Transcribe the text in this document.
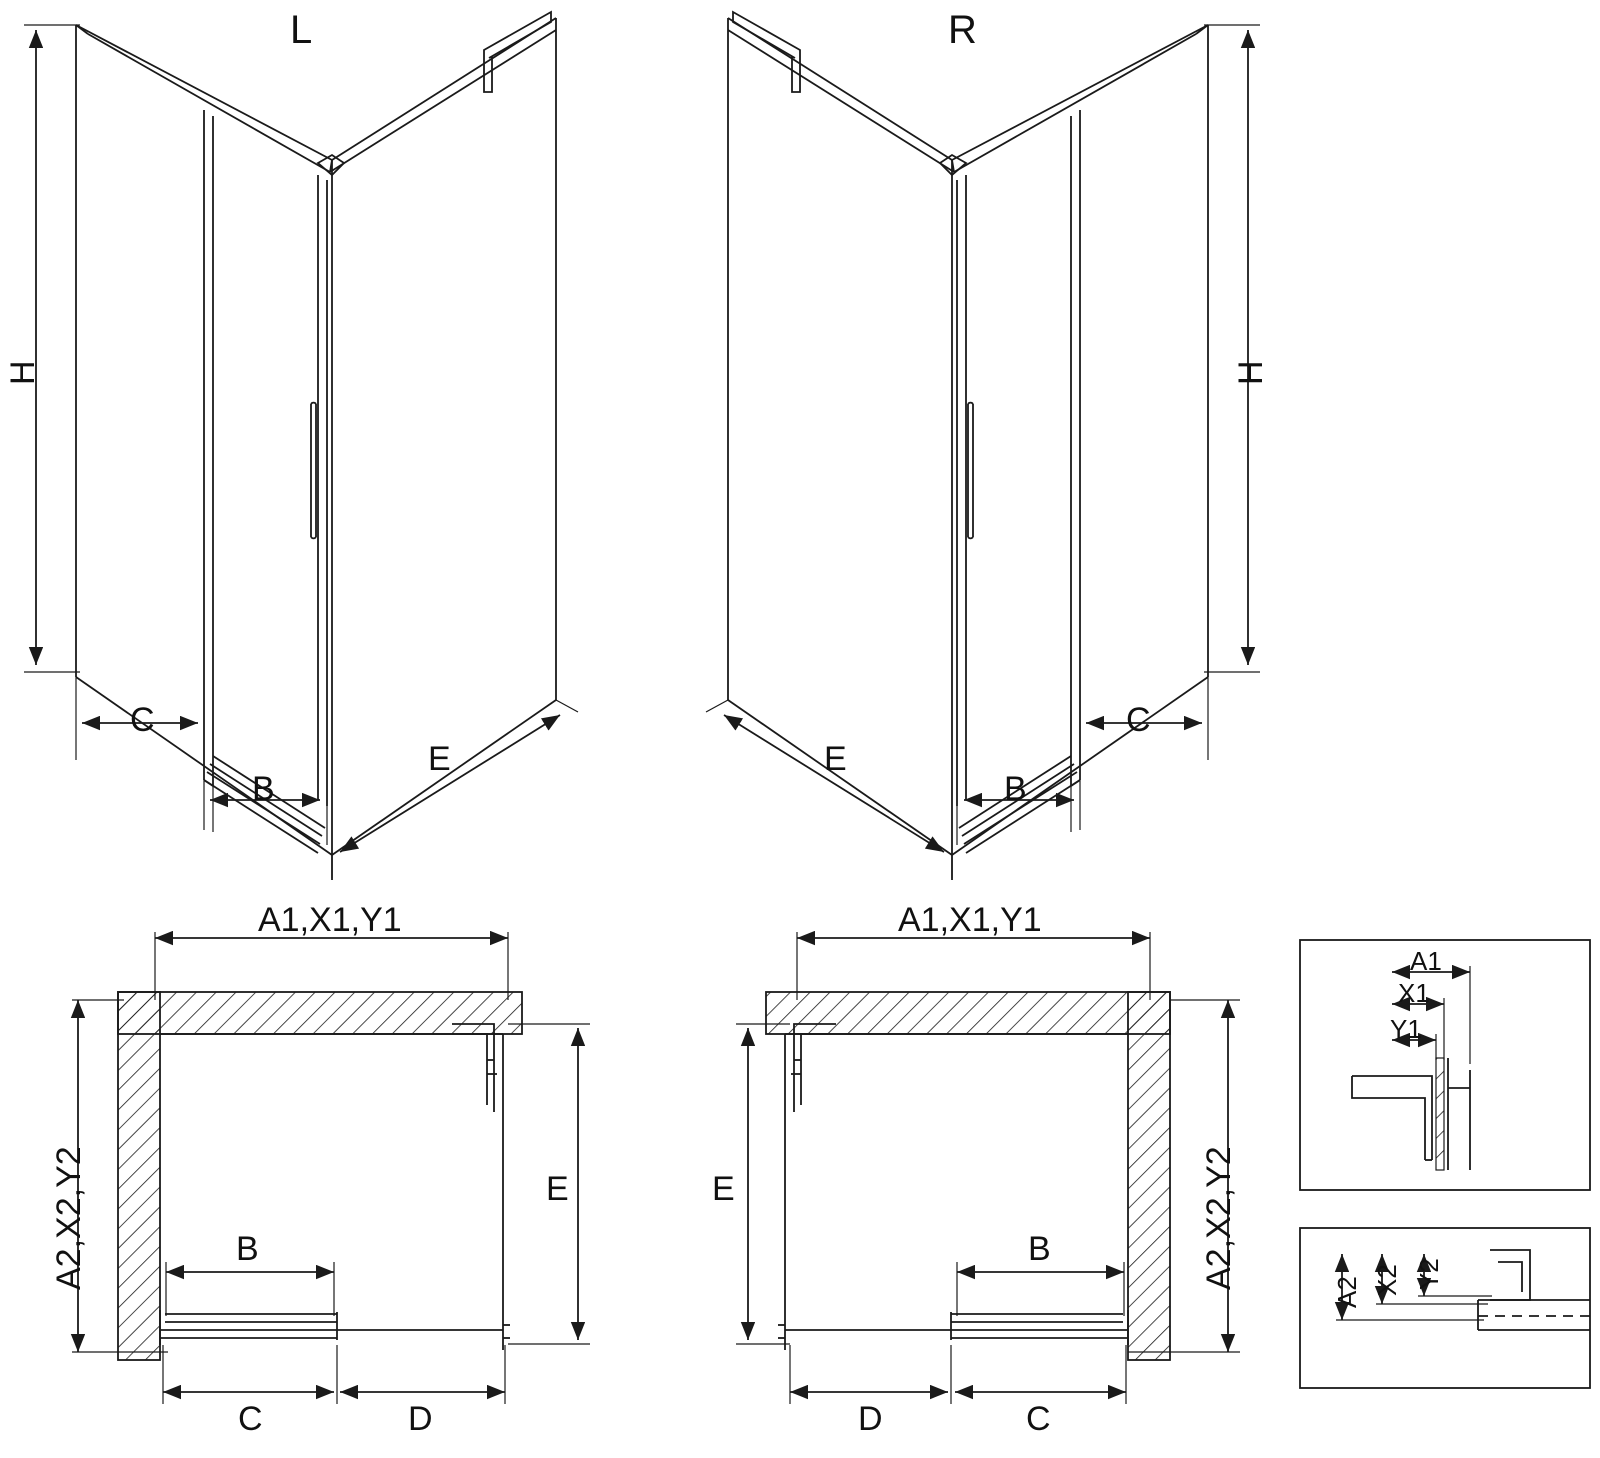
L	R
H
C
B
E
H
C
B
E
A1,X1,Y1
A2,X2,Y2	E
B
C	D
A1,X1,Y1
A2,X2,Y2
E
B
D	C
A1
X1
Y1
A2 X2 Y2
